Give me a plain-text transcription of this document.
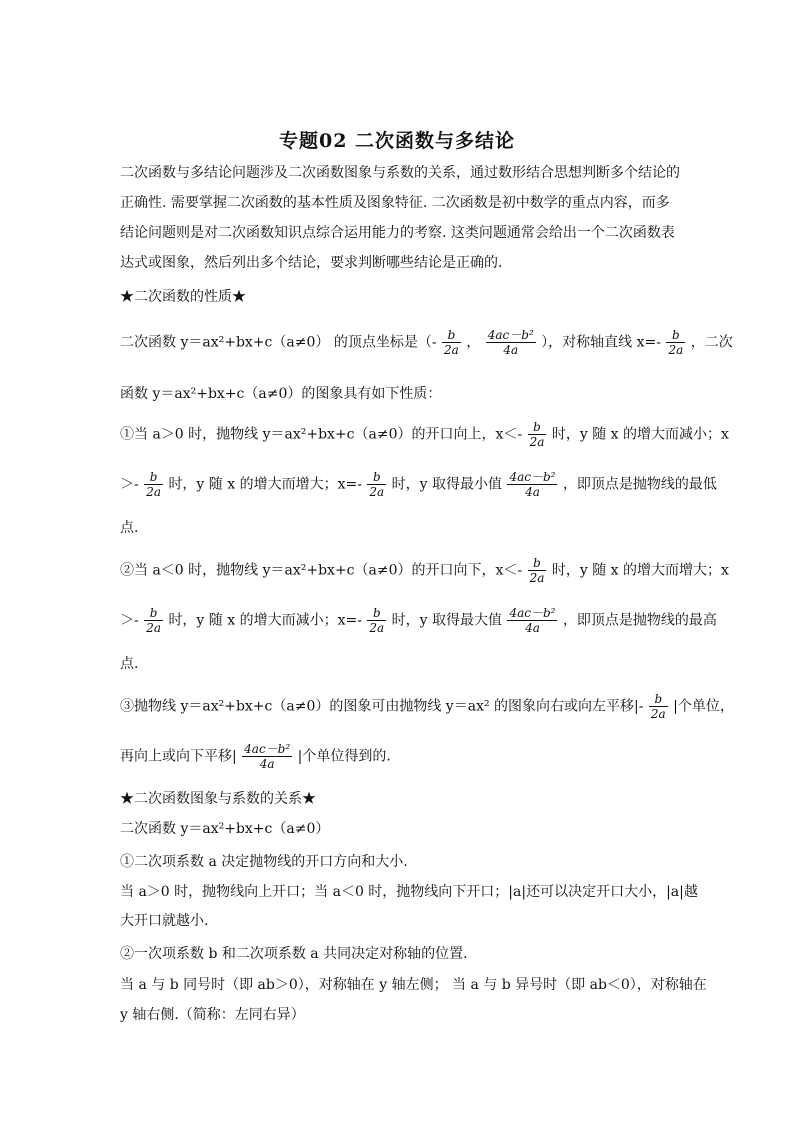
专题02 二次函数与多结论
二次函数与多结论问题涉及二次函数图象与系数的关系，通过数形结合思想判断多个结论的
正确性. 需要掌握二次函数的基本性质及图象特征. 二次函数是初中数学的重点内容，而多
结论问题则是对二次函数知识点综合运用能力的考察. 这类问题通常会给出一个二次函数表
达式或图象，然后列出多个结论，要求判断哪些结论是正确的.
★二次函数的性质★
二次函数 y＝ax²+bx+c（a≠0） 的顶点坐标是（- $\frac{b}{2a}$ ， $\frac{\text{4ac－b²}}{4a}$ ），对称轴直线 $x=- \frac{b}{2a}$ ，二次
函数 y＝ax²+bx+c（a≠0）的图象具有如下性质：
①当 a＞0 时，抛物线 y＝ax²+bx+c（a≠0）的开口向上，$x<- \frac{b}{2a}$ 时，y 随 x 的增大而减小；x
＞- $\frac{b}{2a}$ 时，y 随 x 的增大而增大；$x=- \frac{b}{2a}$ 时，y 取得最小值 $\frac{\text{4ac－b²}}{4a}$ ，即顶点是抛物线的最低
点.
②当 a＜0 时，抛物线 y＝ax²+bx+c（a≠0）的开口向下，$x<- \frac{b}{2a}$ 时，y 随 x 的增大而增大；x
＞- $\frac{b}{2a}$ 时，y 随 x 的增大而减小；$x=- \frac{b}{2a}$ 时，y 取得最大值 $\frac{\text{4ac－b²}}{4a}$ ，即顶点是抛物线的最高
点.
③抛物线 y＝ax²+bx+c（a≠0）的图象可由抛物线 y＝ax² 的图象向右或向左平移|- $\frac{b}{2a}$ |个单位，
再向上或向下平移| $\frac{\text{4ac－b²}}{4a}$ |个单位得到的.
★二次函数图象与系数的关系★
二次函数 y＝ax²+bx+c（a≠0）
①二次项系数 a 决定抛物线的开口方向和大小.
当 a＞0 时，抛物线向上开口；当 a＜0 时，抛物线向下开口；|a|还可以决定开口大小，|a|越
大开口就越小.
②一次项系数 b 和二次项系数 a 共同决定对称轴的位置.
当 a 与 b 同号时（即 ab＞0），对称轴在 y 轴左侧； 当 a 与 b 异号时（即 ab＜0），对称轴在
y 轴右侧.（简称：左同右异）
